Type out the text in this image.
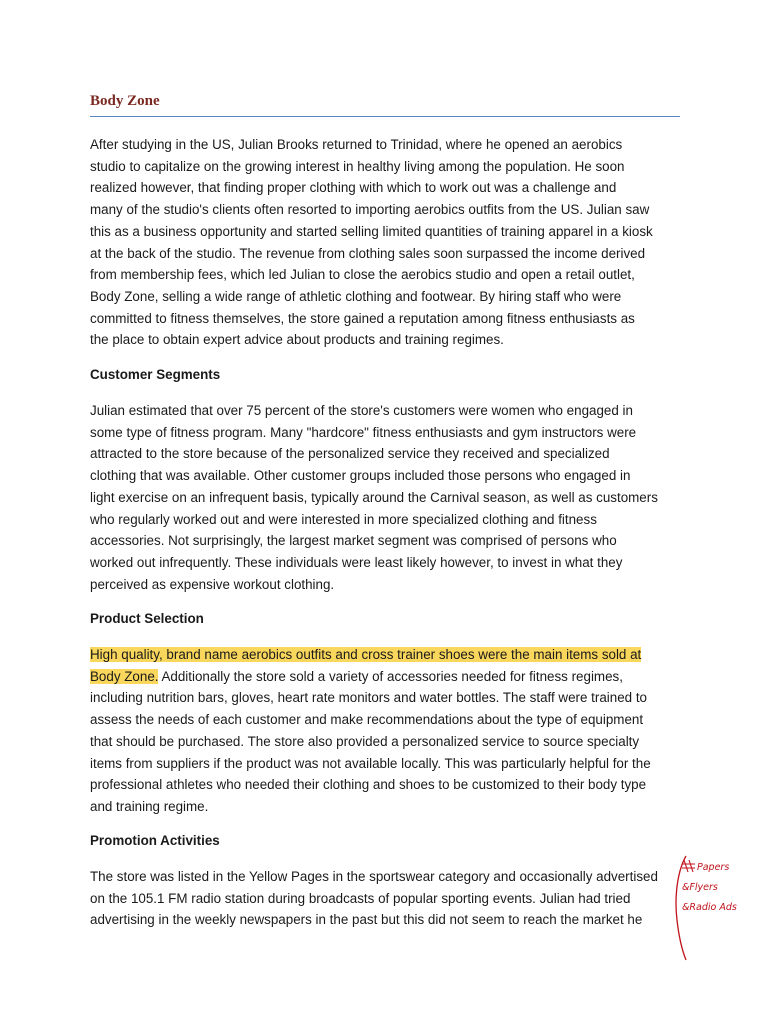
Body Zone
After studying in the US, Julian Brooks returned to Trinidad, where he opened an aerobics
studio to capitalize on the growing interest in healthy living among the population. He soon
realized however, that finding proper clothing with which to work out was a challenge and
many of the studio's clients often resorted to importing aerobics outfits from the US. Julian saw
this as a business opportunity and started selling limited quantities of training apparel in a kiosk
at the back of the studio. The revenue from clothing sales soon surpassed the income derived
from membership fees, which led Julian to close the aerobics studio and open a retail outlet,
Body Zone, selling a wide range of athletic clothing and footwear. By hiring staff who were
committed to fitness themselves, the store gained a reputation among fitness enthusiasts as
the place to obtain expert advice about products and training regimes.
Customer Segments
Julian estimated that over 75 percent of the store's customers were women who engaged in
some type of fitness program. Many "hardcore" fitness enthusiasts and gym instructors were
attracted to the store because of the personalized service they received and specialized
clothing that was available. Other customer groups included those persons who engaged in
light exercise on an infrequent basis, typically around the Carnival season, as well as customers
who regularly worked out and were interested in more specialized clothing and fitness
accessories. Not surprisingly, the largest market segment was comprised of persons who
worked out infrequently. These individuals were least likely however, to invest in what they
perceived as expensive workout clothing.
Product Selection
High quality, brand name aerobics outfits and cross trainer shoes were the main items sold at
Body Zone. Additionally the store sold a variety of accessories needed for fitness regimes,
including nutrition bars, gloves, heart rate monitors and water bottles. The staff were trained to
assess the needs of each customer and make recommendations about the type of equipment
that should be purchased. The store also provided a personalized service to source specialty
items from suppliers if the product was not available locally. This was particularly helpful for the
professional athletes who needed their clothing and shoes to be customized to their body type
and training regime.
Promotion Activities
The store was listed in the Yellow Pages in the sportswear category and occasionally advertised
on the 105.1 FM radio station during broadcasts of popular sporting events. Julian had tried
advertising in the weekly newspapers in the past but this did not seem to reach the market he
Papers
&Flyers
&Radio Ads
